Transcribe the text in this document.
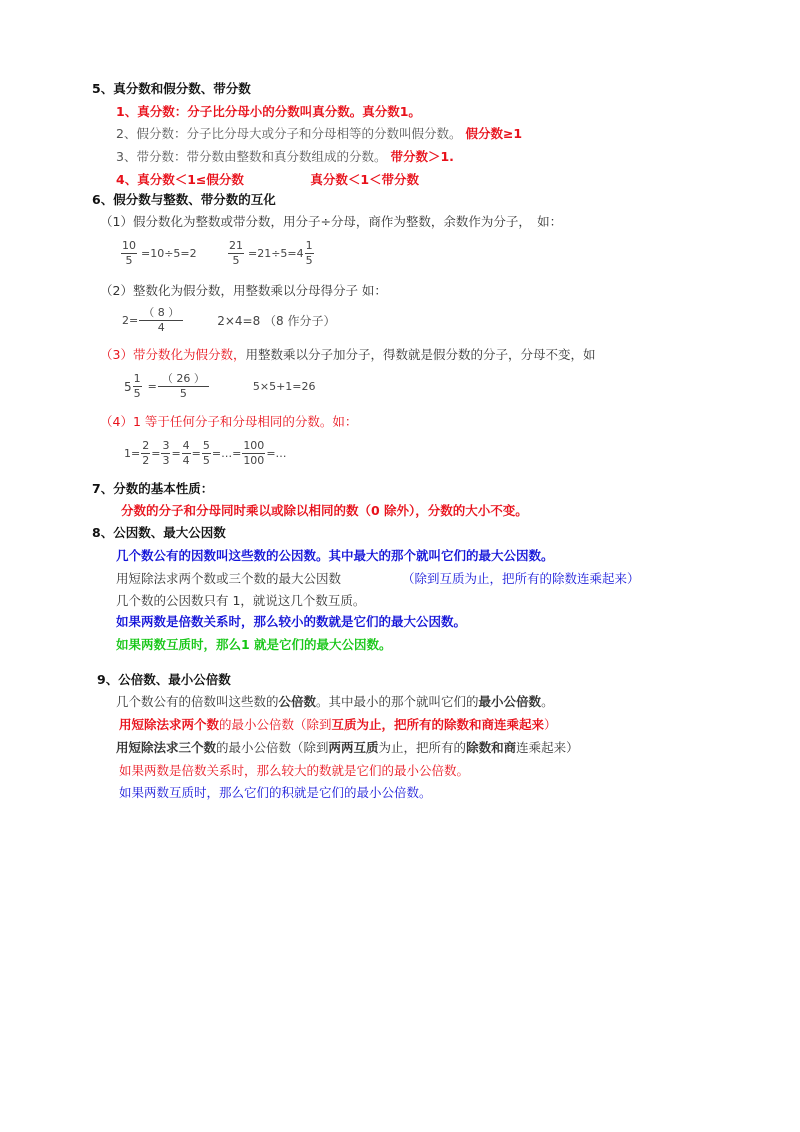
5、真分数和假分数、带分数
1、真分数：分子比分母小的分数叫真分数。真分数1。
2、假分数：分子比分母大或分子和分母相等的分数叫假分数。 假分数≥1
3、带分数：带分数由整数和真分数组成的分数。 带分数＞1.
4、真分数＜1≤假分数	真分数＜1＜带分数
6、假分数与整数、带分数的互化
（1）假分数化为整数或带分数，用分子÷分母，商作为整数，余数作为分子，　如：
$\frac{10}{5} =10\div 5=2$	$\frac{21}{5} =21\div 5=4 \frac{1}{5}$
（2）整数化为假分数，用整数乘以分母得分子 如：
$2= \frac{( 8 )}{4}$	2×4=8 （8 作分子）
（3）带分数化为假分数，用整数乘以分子加分子，得数就是假分数的分子，分母不变，如
$5 \frac{1}{5} = \frac{( 26 )}{5}$	5×5+1=26
（4）1 等于任何分子和分母相同的分数。如：
$1= \frac{2}{2} = \frac{3}{3} = \frac{4}{4} = \frac{5}{5}$ =…= $\frac{100}{100}$ =…
7、分数的基本性质：
分数的分子和分母同时乘以或除以相同的数（0 除外），分数的大小不变。
8、公因数、最大公因数
几个数公有的因数叫这些数的公因数。其中最大的那个就叫它们的最大公因数。
用短除法求两个数或三个数的最大公因数	（除到互质为止，把所有的除数连乘起来）
几个数的公因数只有 1，就说这几个数互质。
如果两数是倍数关系时，那么较小的数就是它们的最大公因数。
如果两数互质时，那么1 就是它们的最大公因数。
9、公倍数、最小公倍数
几个数公有的倍数叫这些数的公倍数。其中最小的那个就叫它们的最小公倍数。
用短除法求两个数的最小公倍数（除到互质为止，把所有的除数和商连乘起来）
用短除法求三个数的最小公倍数（除到两两互质为止，把所有的除数和商连乘起来）
如果两数是倍数关系时，那么较大的数就是它们的最小公倍数。
如果两数互质时，那么它们的积就是它们的最小公倍数。
